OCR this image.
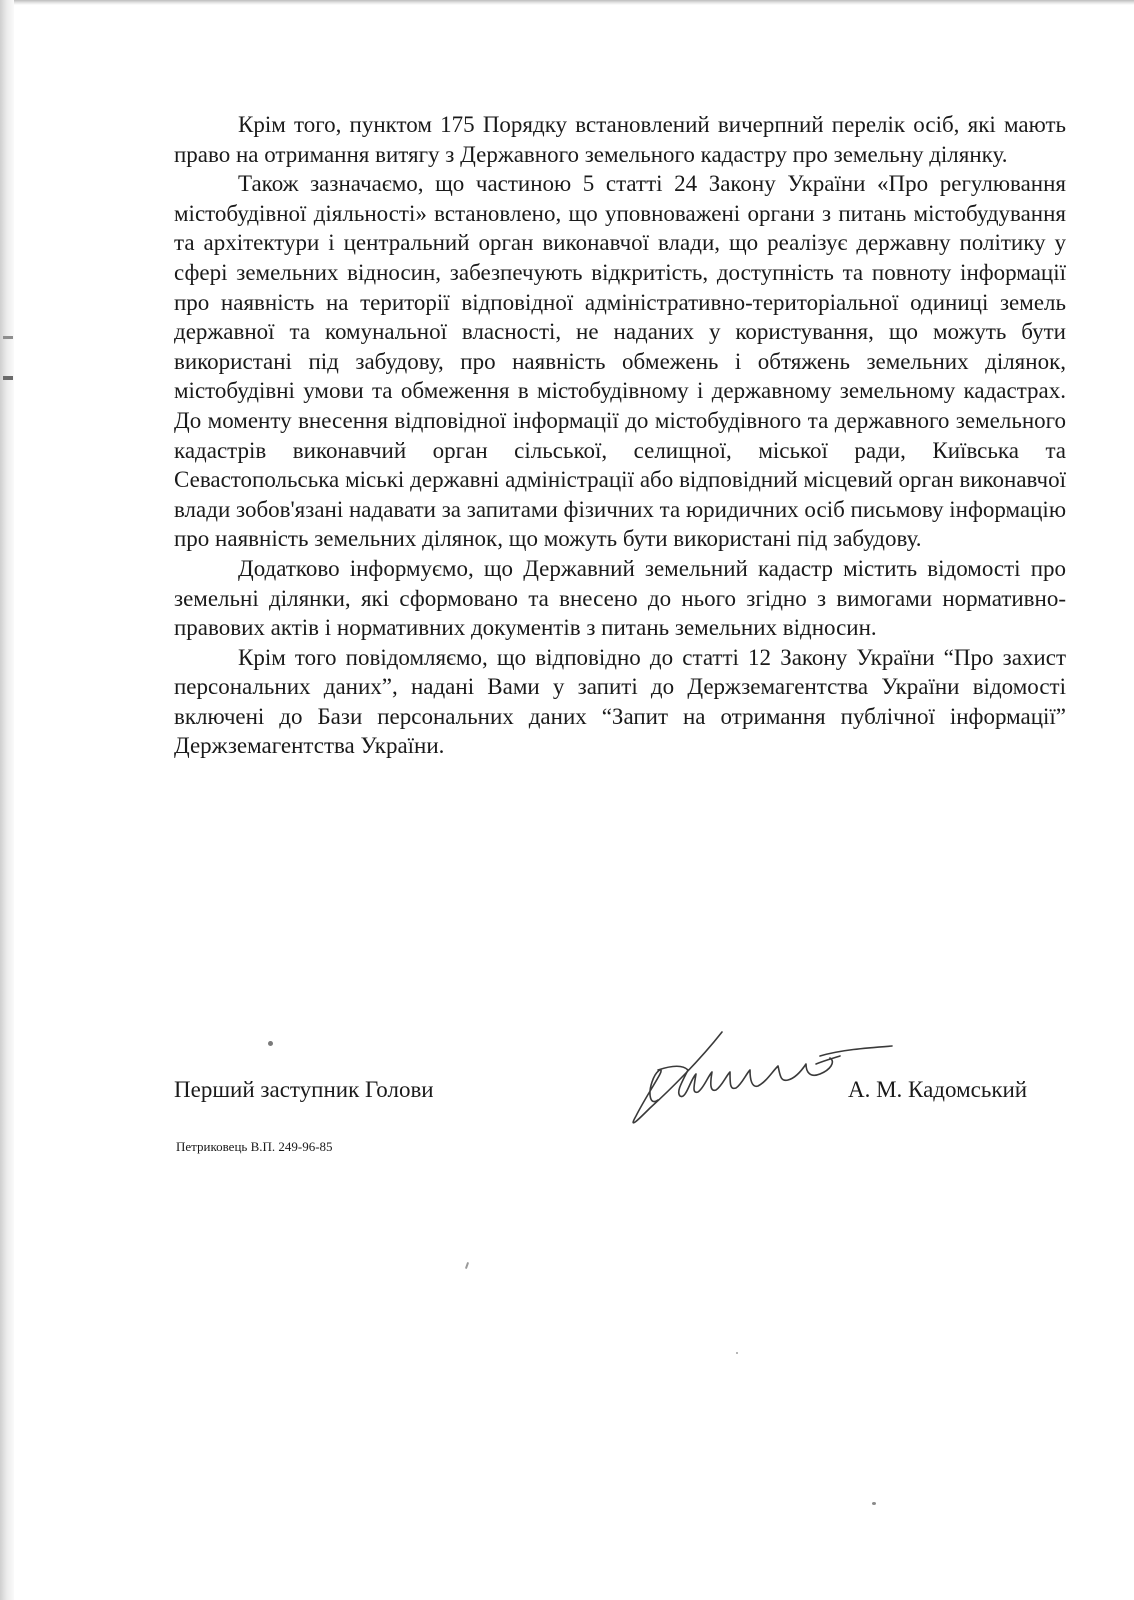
Крім того, пунктом 175 Порядку встановлений вичерпний перелік осіб, які мають право на отримання витягу з Державного земельного кадастру про земельну ділянку.

Також зазначаємо, що частиною 5 статті 24 Закону України «Про регулювання містобудівної діяльності» встановлено, що уповноважені органи з питань містобудування та архітектури і центральний орган виконавчої влади, що реалізує державну політику у сфері земельних відносин, забезпечують відкритість, доступність та повноту інформації про наявність на території відповідної адміністративно-територіальної одиниці земель державної та комунальної власності, не наданих у користування, що можуть бути використані під забудову, про наявність обмежень і обтяжень земельних ділянок, містобудівні умови та обмеження в містобудівному і державному земельному кадастрах. До моменту внесення відповідної інформації до містобудівного та державного земельного кадастрів виконавчий орган сільської, селищної, міської ради, Київська та Севастопольська міські державні адміністрації або відповідний місцевий орган виконавчої влади зобов'язані надавати за запитами фізичних та юридичних осіб письмову інформацію про наявність земельних ділянок, що можуть бути використані під забудову.

Додатково інформуємо, що Державний земельний кадастр містить відомості про земельні ділянки, які сформовано та внесено до нього згідно з вимогами нормативно-правових актів і нормативних документів з питань земельних відносин.

Крім того повідомляємо, що відповідно до статті 12 Закону України “Про захист персональних даних”, надані Вами у запиті до Держземагентства України відомості включені до Бази персональних даних “Запит на отримання публічної інформації” Держземагентства України.

Перший заступник Голови	А. М. Кадомський
Петриковець В.П. 249-96-85
